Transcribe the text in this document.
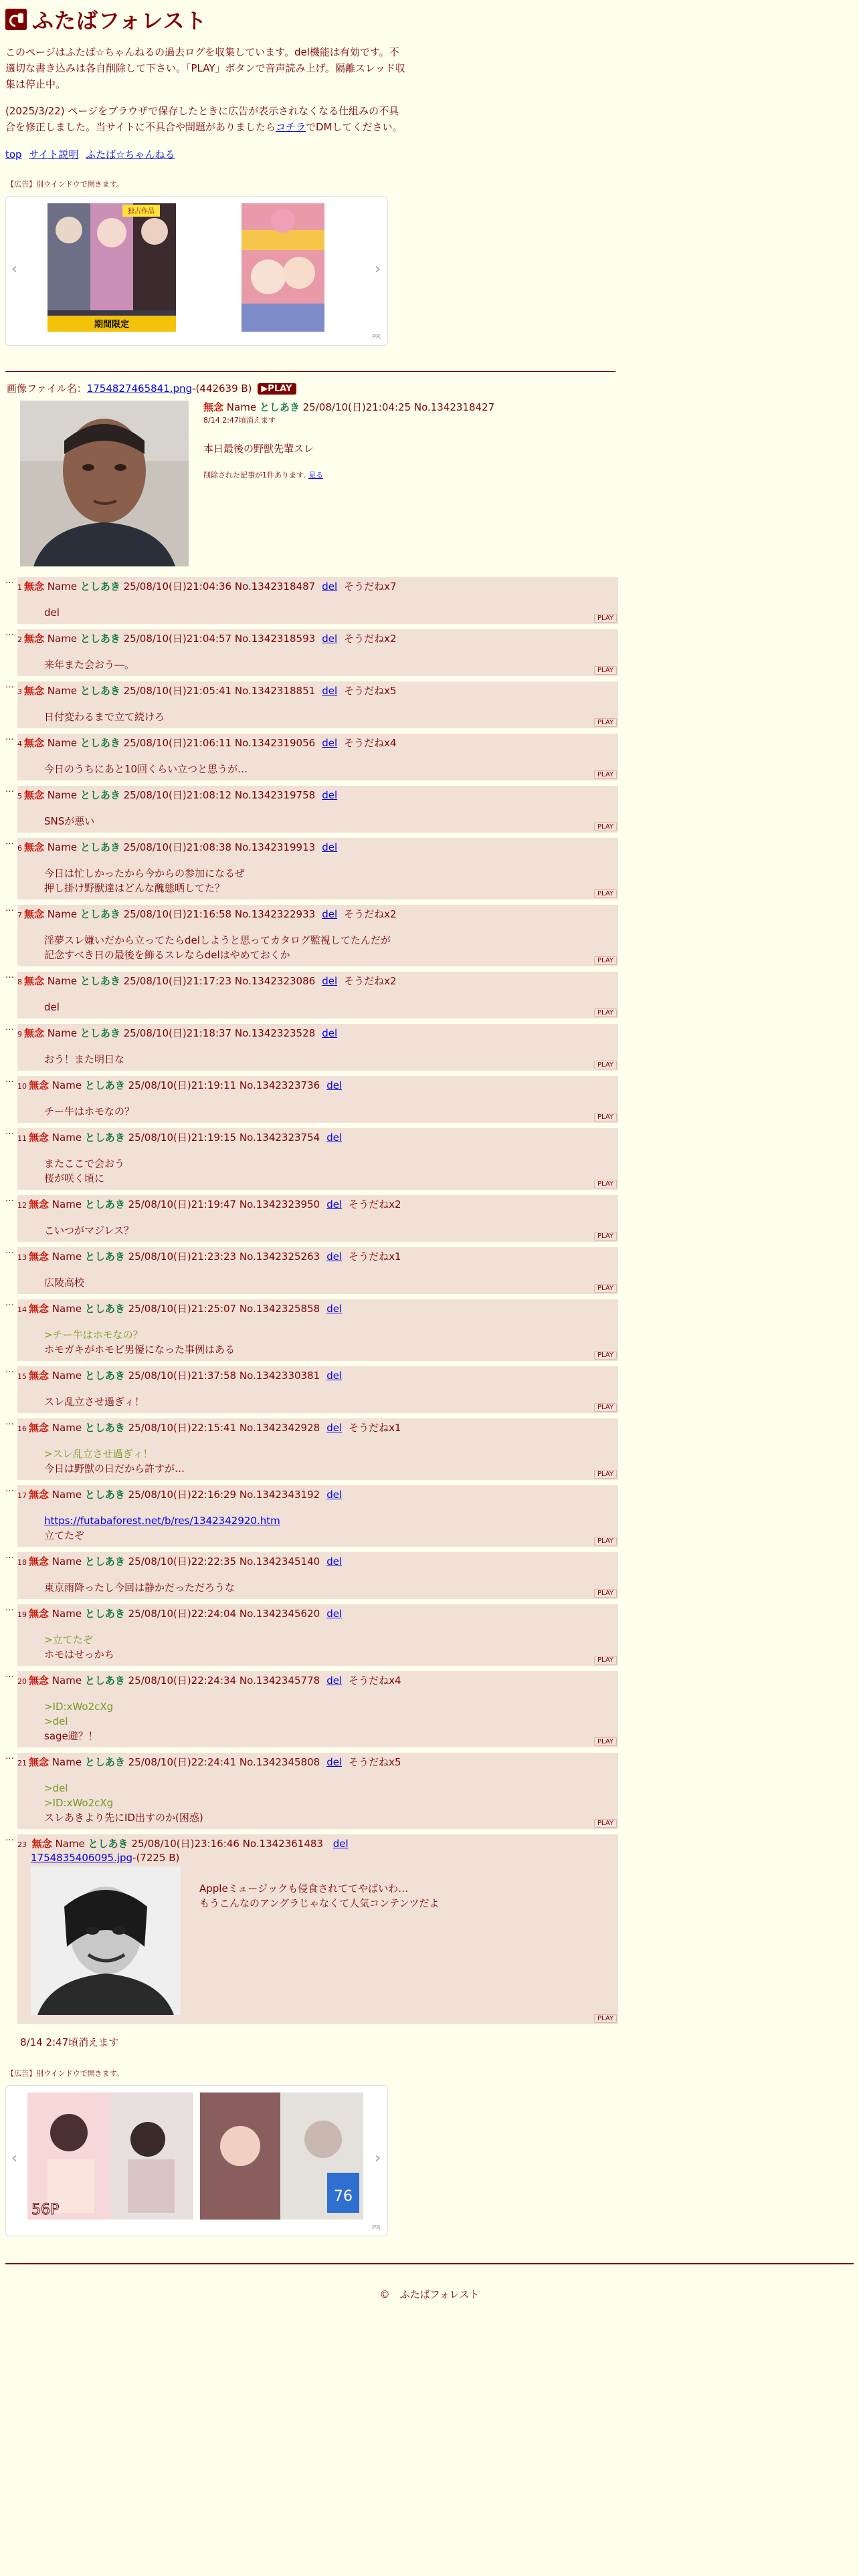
ふたばフォレスト

このページはふたば☆ちゃんねるの過去ログを収集しています。del機能は有効です。不適切な書き込みは各自削除して下さい。「PLAY」ボタンで音声読み上げ。隔離スレッド収集は停止中。

(2025/3/22) ページをブラウザで保存したときに広告が表示されなくなる仕組みの不具合を修正しました。当サイトに不具合や問題がありましたらコチラでDMしてください。

top サイト説明 ふたば☆ちゃんねる
【広告】別ウインドウで開きます。
‹
独占作品
期間限定
›
PR
画像ファイル名：1754827465841.png-(442639 B) ▶PLAY
無念 Name としあき 25/08/10(日)21:04:25 No.1342318427
8/14 2:47頃消えます
本日最後の野獣先輩スレ
削除された記事が1件あります. 見る
…
1 無念 Name としあき 25/08/10(日)21:04:36 No.1342318487 del そうだねx7
del	PLAY
…
2 無念 Name としあき 25/08/10(日)21:04:57 No.1342318593 del そうだねx2
来年また会おう―。	PLAY
…
3 無念 Name としあき 25/08/10(日)21:05:41 No.1342318851 del そうだねx5
日付変わるまで立て続けろ	PLAY
…
4 無念 Name としあき 25/08/10(日)21:06:11 No.1342319056 del そうだねx4
今日のうちにあと10回くらい立つと思うが…	PLAY
…
5 無念 Name としあき 25/08/10(日)21:08:12 No.1342319758 del
SNSが悪い	PLAY
…
6 無念 Name としあき 25/08/10(日)21:08:38 No.1342319913 del
今日は忙しかったから今からの参加になるぜ
押し掛け野獣達はどんな醜態晒してた？	PLAY
…
7 無念 Name としあき 25/08/10(日)21:16:58 No.1342322933 del そうだねx2
淫夢スレ嫌いだから立ってたらdelしようと思ってカタログ監視してたんだが
記念すべき日の最後を飾るスレならdelはやめておくか	PLAY
…
8 無念 Name としあき 25/08/10(日)21:17:23 No.1342323086 del そうだねx2
del	PLAY
…
9 無念 Name としあき 25/08/10(日)21:18:37 No.1342323528 del
おう！また明日な	PLAY
…
10 無念 Name としあき 25/08/10(日)21:19:11 No.1342323736 del
チー牛はホモなの？	PLAY
…
11 無念 Name としあき 25/08/10(日)21:19:15 No.1342323754 del
またここで会おう
桜が咲く頃に	PLAY
…
12 無念 Name としあき 25/08/10(日)21:19:47 No.1342323950 del そうだねx2
こいつがマジレス？	PLAY
…
13 無念 Name としあき 25/08/10(日)21:23:23 No.1342325263 del そうだねx1
広陵高校	PLAY
…
14 無念 Name としあき 25/08/10(日)21:25:07 No.1342325858 del
>チー牛はホモなの？
ホモガキがホモビ男優になった事例はある	PLAY
…
15 無念 Name としあき 25/08/10(日)21:37:58 No.1342330381 del
スレ乱立させ過ぎィ！	PLAY
…
16 無念 Name としあき 25/08/10(日)22:15:41 No.1342342928 del そうだねx1
>スレ乱立させ過ぎィ！
今日は野獣の日だから許すが…	PLAY
…
17 無念 Name としあき 25/08/10(日)22:16:29 No.1342343192 del
https://futabaforest.net/b/res/1342342920.htm
立てたぞ	PLAY
…
18 無念 Name としあき 25/08/10(日)22:22:35 No.1342345140 del
東京雨降ったし今回は静かだっただろうな	PLAY
…
19 無念 Name としあき 25/08/10(日)22:24:04 No.1342345620 del
>立てたぞ
ホモはせっかち	PLAY
…
20 無念 Name としあき 25/08/10(日)22:24:34 No.1342345778 del そうだねx4
>ID:xWo2cXg
>del
sage避？！	PLAY
…
21 無念 Name としあき 25/08/10(日)22:24:41 No.1342345808 del そうだねx5
>del
>ID:xWo2cXg
スレあきより先にID出すのか(困惑)	PLAY
…
23 無念 Name としあき 25/08/10(日)23:16:46 No.1342361483 del
1754835406095.jpg-(7225 B)
Appleミュージックも侵食されててやばいわ…
もうこんなのアングラじゃなくて人気コンテンツだよ
PLAY
8/14 2:47頃消えます
【広告】別ウインドウで開きます。
‹
56P
76
›
PR
©　ふたばフォレスト
